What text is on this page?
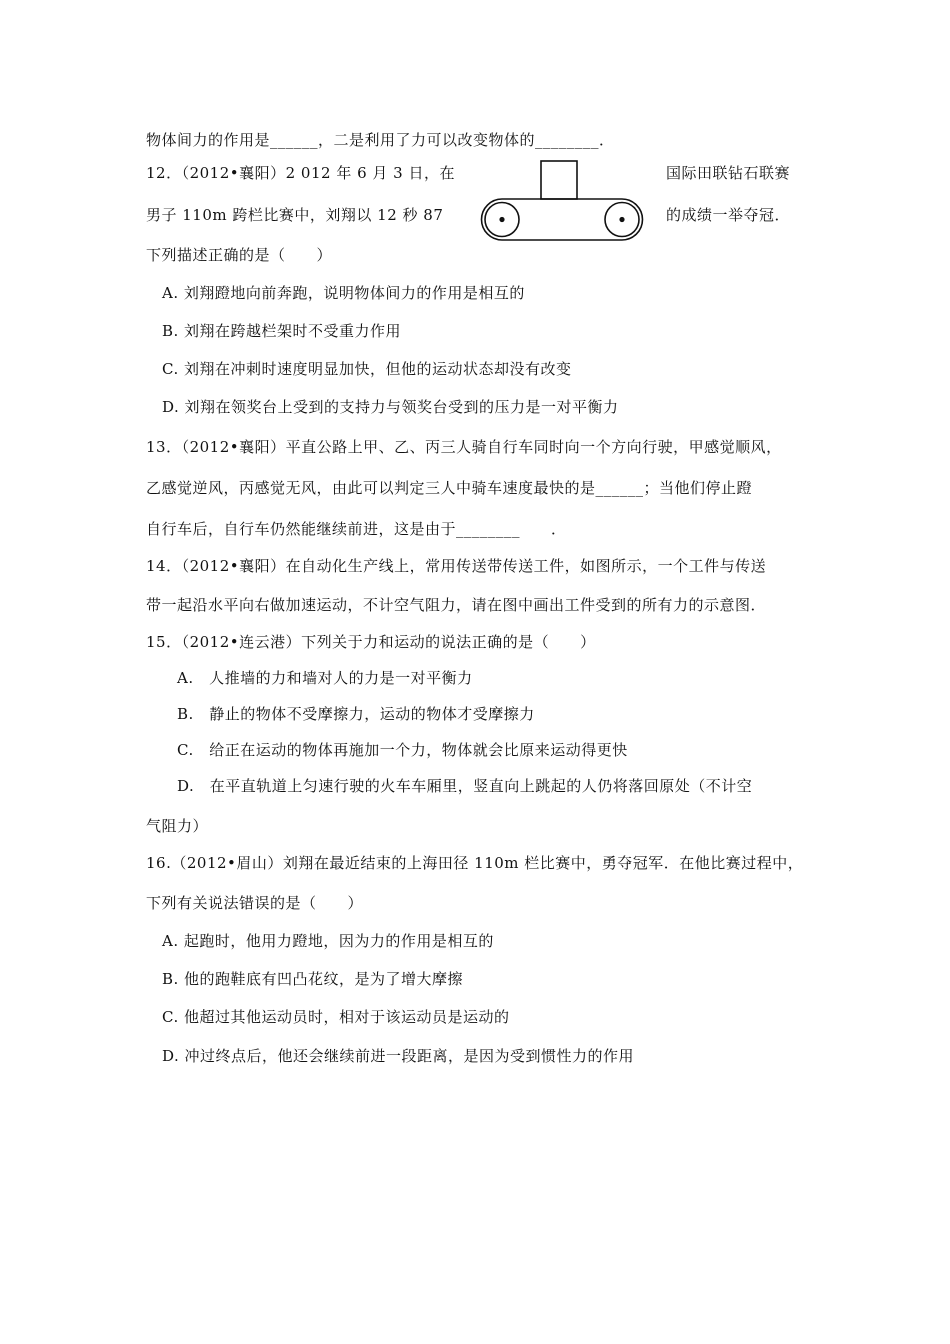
物体间力的作用是______，二是利用了力可以改变物体的________．
12．（2012•襄阳）2 012 年 6 月 3 日，在	国际田联钻石联赛
男子 110m 跨栏比赛中，刘翔以 12 秒 87	的成绩一举夺冠．
下列描述正确的是（　　）
A. 刘翔蹬地向前奔跑，说明物体间力的作用是相互的
B. 刘翔在跨越栏架时不受重力作用
C. 刘翔在冲刺时速度明显加快，但他的运动状态却没有改变
D. 刘翔在领奖台上受到的支持力与领奖台受到的压力是一对平衡力
13．（2012•襄阳）平直公路上甲、乙、丙三人骑自行车同时向一个方向行驶，甲感觉顺风，
乙感觉逆风，丙感觉无风，由此可以判定三人中骑车速度最快的是______；当他们停止蹬
自行车后，自行车仍然能继续前进，这是由于________　　．
14．（2012•襄阳）在自动化生产线上，常用传送带传送工件，如图所示，一个工件与传送
带一起沿水平向右做加速运动，不计空气阻力，请在图中画出工件受到的所有力的示意图．
15．（2012•连云港）下列关于力和运动的说法正确的是（　　）
A.　人推墙的力和墙对人的力是一对平衡力
B.　静止的物体不受摩擦力，运动的物体才受摩擦力
C.　给正在运动的物体再施加一个力，物体就会比原来运动得更快
D.　在平直轨道上匀速行驶的火车车厢里，竖直向上跳起的人仍将落回原处（不计空
气阻力）
16.（2012•眉山）刘翔在最近结束的上海田径 110m 栏比赛中，勇夺冠军．在他比赛过程中，
下列有关说法错误的是（　　）
A. 起跑时，他用力蹬地，因为力的作用是相互的
B. 他的跑鞋底有凹凸花纹，是为了增大摩擦
C. 他超过其他运动员时，相对于该运动员是运动的
D. 冲过终点后，他还会继续前进一段距离，是因为受到惯性力的作用
